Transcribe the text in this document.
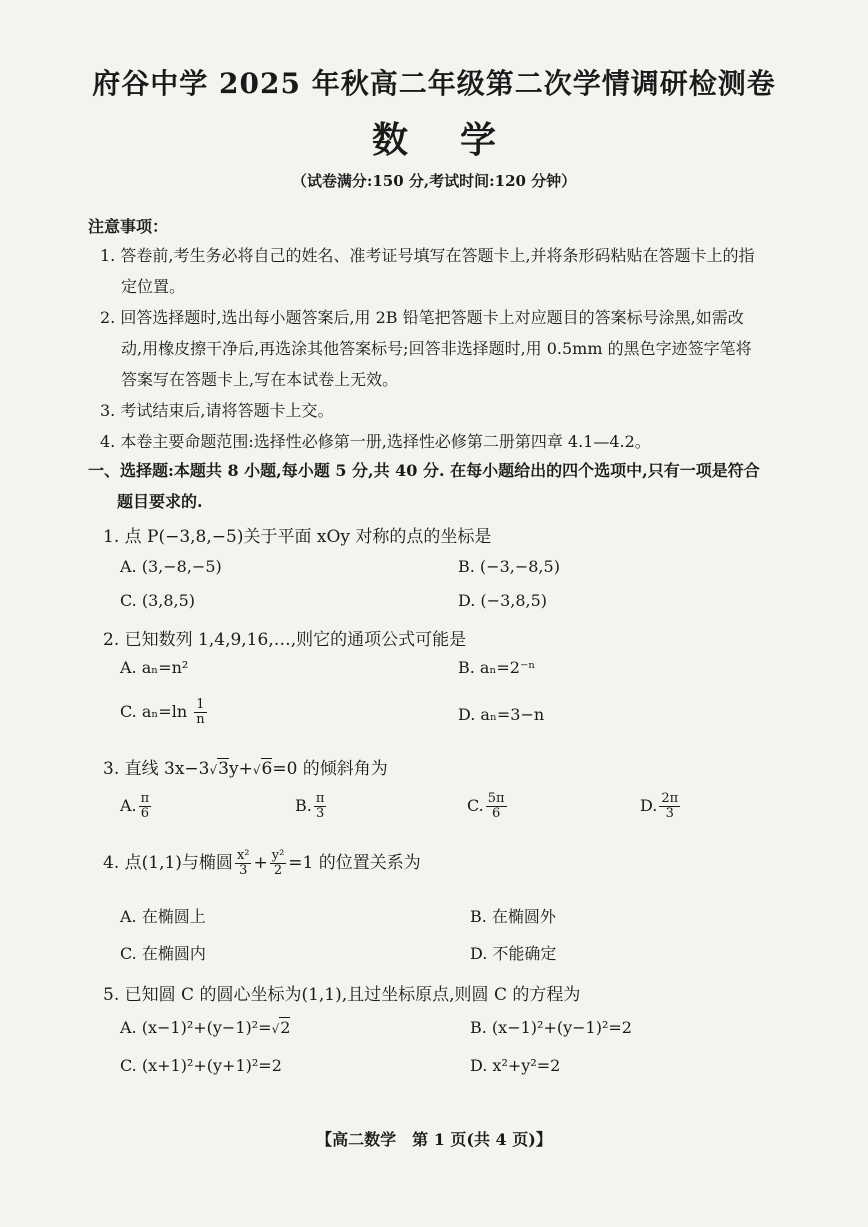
府谷中学 2025 年秋高二年级第二次学情调研检测卷
数学
（试卷满分:150 分,考试时间:120 分钟）
注意事项：
1. 答卷前,考生务必将自己的姓名、准考证号填写在答题卡上,并将条形码粘贴在答题卡上的指
定位置。
2. 回答选择题时,选出每小题答案后,用 2B 铅笔把答题卡上对应题目的答案标号涂黑,如需改
动,用橡皮擦干净后,再选涂其他答案标号;回答非选择题时,用 0.5mm 的黑色字迹签字笔将
答案写在答题卡上,写在本试卷上无效。
3. 考试结束后,请将答题卡上交。
4. 本卷主要命题范围:选择性必修第一册,选择性必修第二册第四章 4.1—4.2。
一、选择题:本题共 8 小题,每小题 5 分,共 40 分. 在每小题给出的四个选项中,只有一项是符合
题目要求的.
1. 点 P(−3,8,−5)关于平面 xOy 对称的点的坐标是
A. (3,−8,−5)	B. (−3,−8,5)
C. (3,8,5)	D. (−3,8,5)
2. 已知数列 1,4,9,16,…,则它的通项公式可能是
A. aₙ=n²	B. aₙ=2⁻ⁿ
C. $a_n=\ln \frac{1}{n}$	D. aₙ=3−n
3. 直线 3x−3√3y+√6=0 的倾斜角为
A. $\frac{\pi}{6}$	B. $\frac{\pi}{3}$	C. $\frac{5\pi}{6}$	D. $\frac{2\pi}{3}$
4. 点(1,1)与椭圆 $\frac{\text{x²}}{3} + \frac{\text{y²}}{2} =1$ 的位置关系为
A. 在椭圆上	B. 在椭圆外
C. 在椭圆内	D. 不能确定
5. 已知圆 C 的圆心坐标为(1,1),且过坐标原点,则圆 C 的方程为
A. (x−1)²+(y−1)²=√2	B. (x−1)²+(y−1)²=2
C. (x+1)²+(y+1)²=2	D. x²+y²=2
【高二数学　第 1 页(共 4 页)】
